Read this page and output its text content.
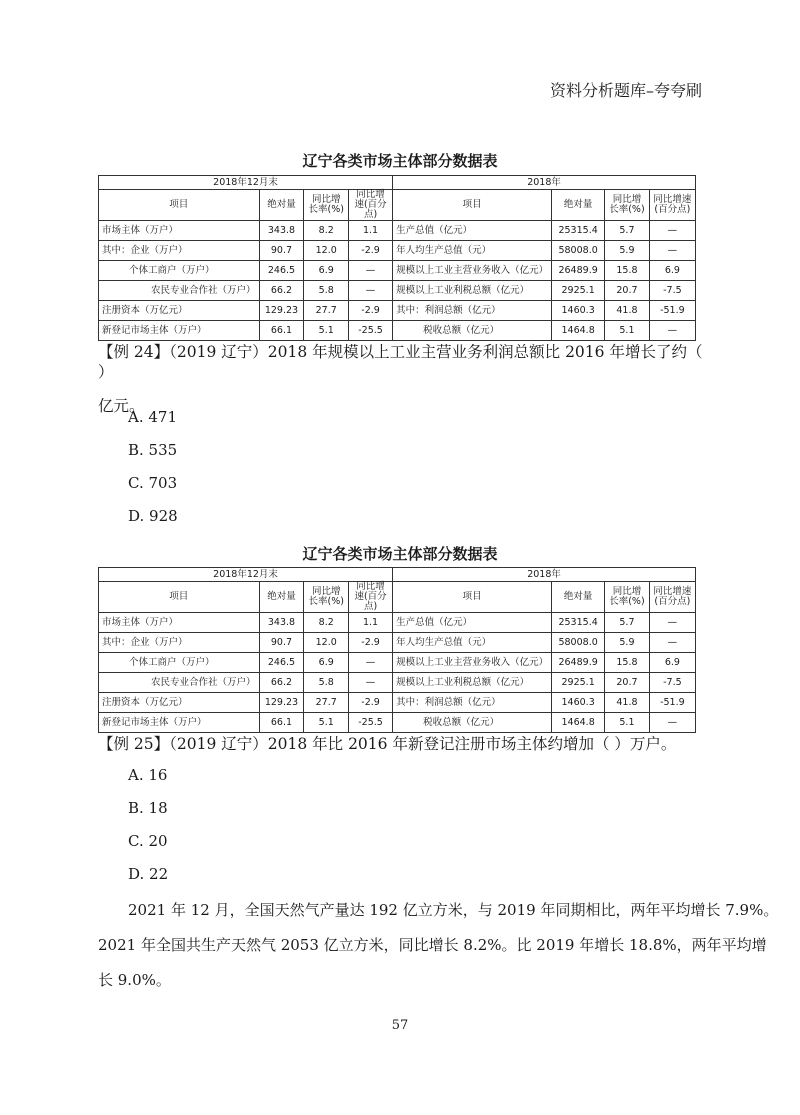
资料分析题库–夸夸刷
辽宁各类市场主体部分数据表
2018年12月末				2018年			
项目	绝对量	同比增长率(%)	同比增速(百分点)	项目	绝对量	同比增长率(%)	同比增速(百分点)
市场主体（万户）	343.8	8.2	1.1	生产总值（亿元）	25315.4	5.7	—
其中：企业（万户）	90.7	12.0	-2.9	年人均生产总值（元）	58008.0	5.9	—
个体工商户（万户）	246.5	6.9	—	规模以上工业主营业务收入（亿元）	26489.9	15.8	6.9
农民专业合作社（万户）	66.2	5.8	—	规模以上工业利税总额（亿元）	2925.1	20.7	-7.5
注册资本（万亿元）	129.23	27.7	-2.9	其中：利润总额（亿元）	1460.3	41.8	-51.9
新登记市场主体（万户）	66.1	5.1	-25.5	税收总额（亿元）	1464.8	5.1	—
【例 24】（2019 辽宁）2018 年规模以上工业主营业务利润总额比 2016 年增长了约（ ）
亿元。
A. 471
B. 535
C. 703
D. 928
辽宁各类市场主体部分数据表
2018年12月末				2018年			
项目	绝对量	同比增长率(%)	同比增速(百分点)	项目	绝对量	同比增长率(%)	同比增速(百分点)
市场主体（万户）	343.8	8.2	1.1	生产总值（亿元）	25315.4	5.7	—
其中：企业（万户）	90.7	12.0	-2.9	年人均生产总值（元）	58008.0	5.9	—
个体工商户（万户）	246.5	6.9	—	规模以上工业主营业务收入（亿元）	26489.9	15.8	6.9
农民专业合作社（万户）	66.2	5.8	—	规模以上工业利税总额（亿元）	2925.1	20.7	-7.5
注册资本（万亿元）	129.23	27.7	-2.9	其中：利润总额（亿元）	1460.3	41.8	-51.9
新登记市场主体（万户）	66.1	5.1	-25.5	税收总额（亿元）	1464.8	5.1	—
【例 25】（2019 辽宁）2018 年比 2016 年新登记注册市场主体约增加（ ）万户。
A. 16
B. 18
C. 20
D. 22
2021 年 12 月，全国天然气产量达 192 亿立方米，与 2019 年同期相比，两年平均增长 7.9%。
2021 年全国共生产天然气 2053 亿立方米，同比增长 8.2%。比 2019 年增长 18.8%，两年平均增
长 9.0%。
57
